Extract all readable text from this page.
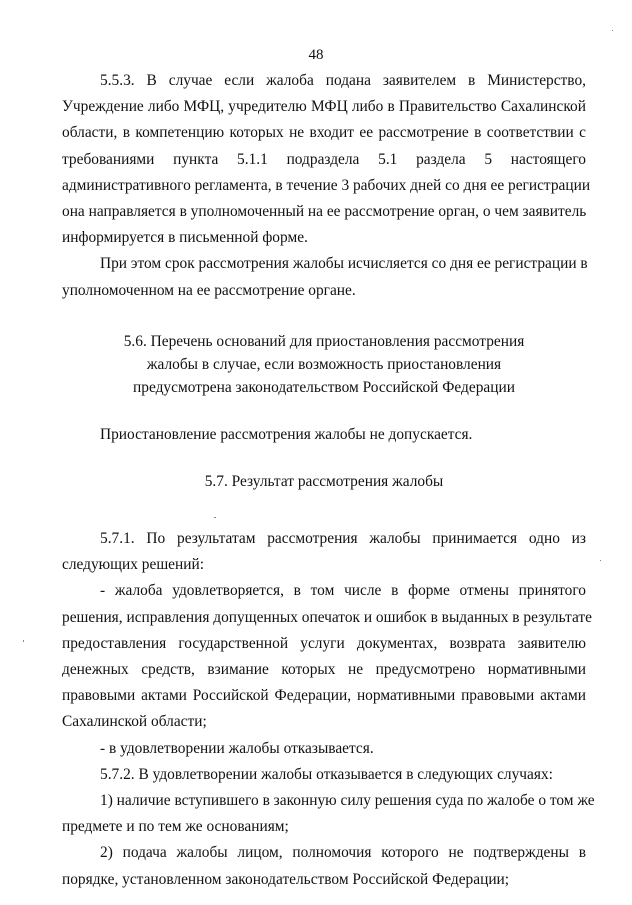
48
5.5.3. В случае если жалоба подана заявителем в Министерство,
Учреждение либо МФЦ, учредителю МФЦ либо в Правительство Сахалинской
области, в компетенцию которых не входит ее рассмотрение в соответствии с
требованиями пункта 5.1.1 подраздела 5.1 раздела 5 настоящего
административного регламента, в течение 3 рабочих дней со дня ее регистрации
она направляется в уполномоченный на ее рассмотрение орган, о чем заявитель
информируется в письменной форме.
При этом срок рассмотрения жалобы исчисляется со дня ее регистрации в
уполномоченном на ее рассмотрение органе.
5.6. Перечень оснований для приостановления рассмотрения
жалобы в случае, если возможность приостановления
предусмотрена законодательством Российской Федерации
Приостановление рассмотрения жалобы не допускается.
5.7. Результат рассмотрения жалобы
5.7.1. По результатам рассмотрения жалобы принимается одно из
следующих решений:
- жалоба удовлетворяется, в том числе в форме отмены принятого
решения, исправления допущенных опечаток и ошибок в выданных в результате
предоставления государственной услуги документах, возврата заявителю
денежных средств, взимание которых не предусмотрено нормативными
правовыми актами Российской Федерации, нормативными правовыми актами
Сахалинской области;
- в удовлетворении жалобы отказывается.
5.7.2. В удовлетворении жалобы отказывается в следующих случаях:
1) наличие вступившего в законную силу решения суда по жалобе о том же
предмете и по тем же основаниям;
2) подача жалобы лицом, полномочия которого не подтверждены в
порядке, установленном законодательством Российской Федерации;
